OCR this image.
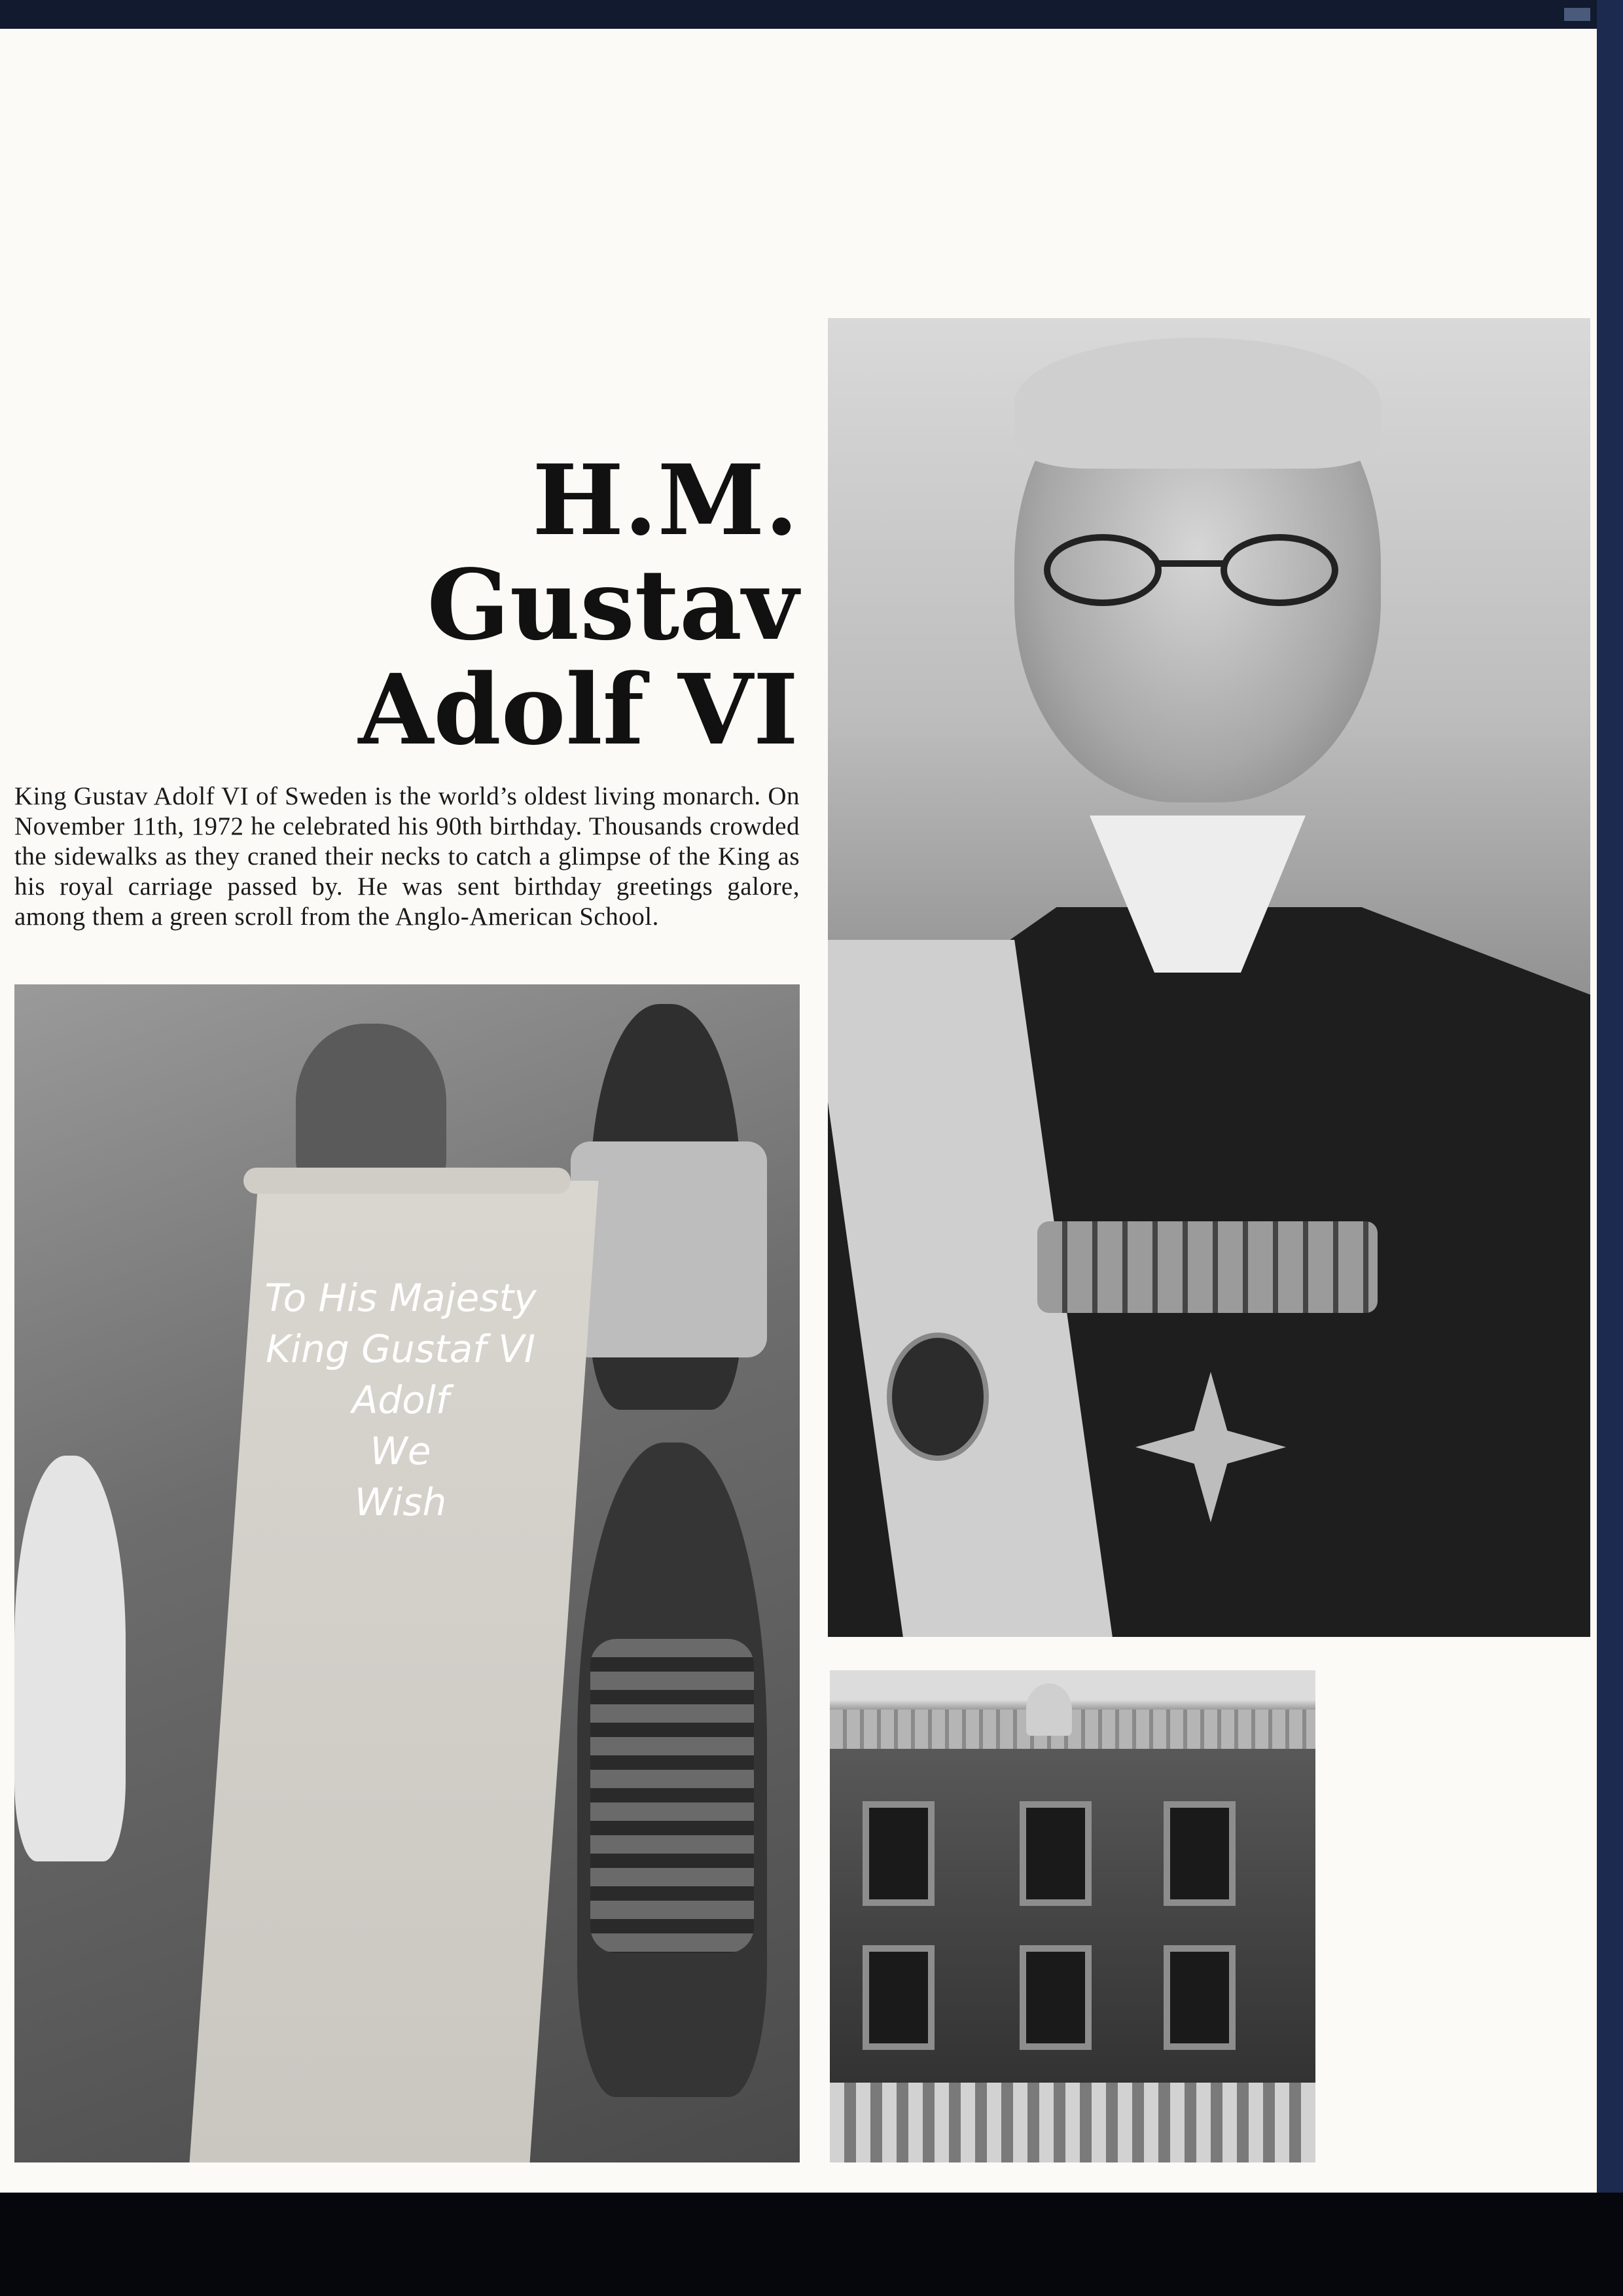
H.M.
Gustav
Adolf VI

King Gustav Adolf VI of Sweden is the world’s oldest living monarch. On November 11th, 1972 he celebrated his 90th birthday. Thousands crowded the sidewalks as they craned their necks to catch a glimpse of the King as his royal carriage passed by. He was sent birthday greetings galore, among them a green scroll from the Anglo-American School.

To His Majesty
King Gustaf VI Adolf
We
Wish
